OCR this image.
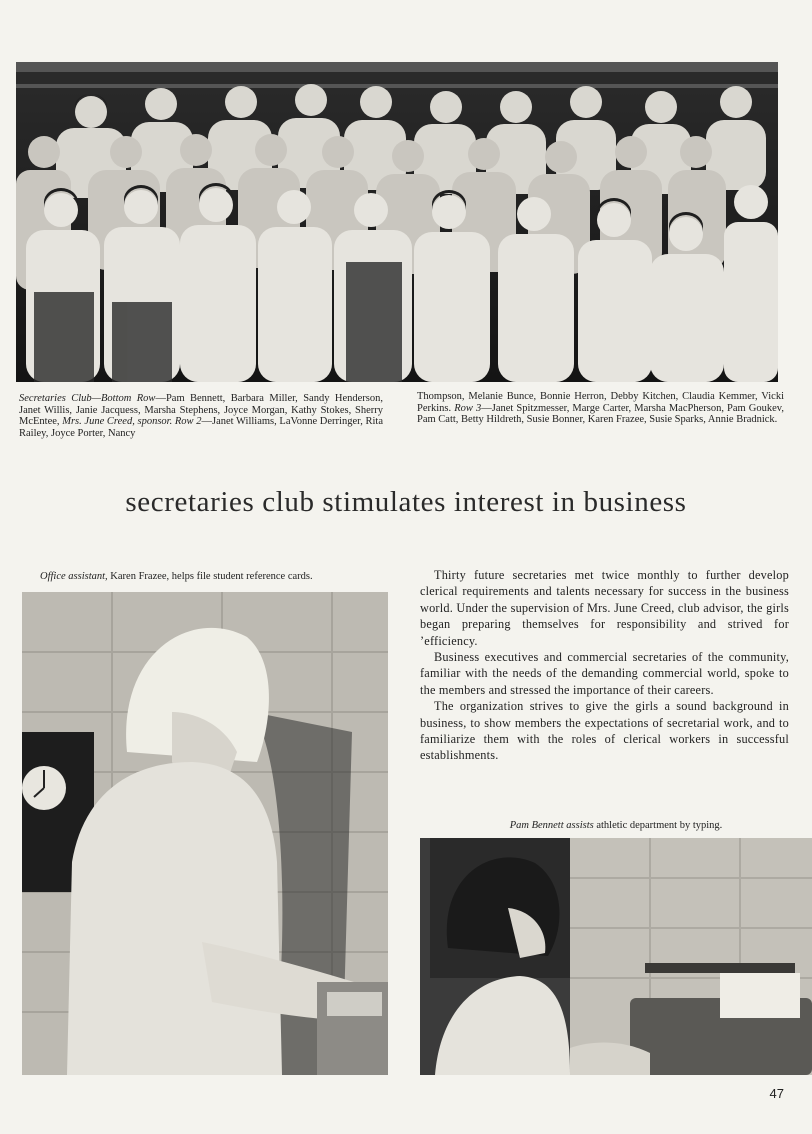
Secretaries Club—Bottom Row—Pam Bennett, Barbara Miller, Sandy Henderson, Janet Willis, Janie Jacquess, Marsha Stephens, Joyce Morgan, Kathy Stokes, Sherry McEntee, Mrs. June Creed, sponsor. Row 2—Janet Williams, LaVonne Derringer, Rita Railey, Joyce Porter, Nancy
Thompson, Melanie Bunce, Bonnie Herron, Debby Kitchen, Claudia Kemmer, Vicki Perkins. Row 3—Janet Spitzmesser, Marge Carter, Marsha MacPherson, Pam Goukev, Pam Catt, Betty Hildreth, Susie Bonner, Karen Frazee, Susie Sparks, Annie Bradnick.
secretaries club stimulates interest in business

Office assistant, Karen Frazee, helps file student reference cards.	Thirty future secretaries met twice monthly to further develop clerical requirements and talents necessary for success in the business world. Under the supervision of Mrs. June Creed, club advisor, the girls began preparing themselves for responsibility and strived for ’efficiency.

Business executives and commercial secretaries of the community, familiar with the needs of the demanding commercial world, spoke to the members and stressed the importance of their careers.

The organization strives to give the girls a sound background in business, to show members the expectations of secretarial work, and to familiarize them with the roles of clerical workers in successful establishments.

Pam Bennett assists athletic department by typing.

47
